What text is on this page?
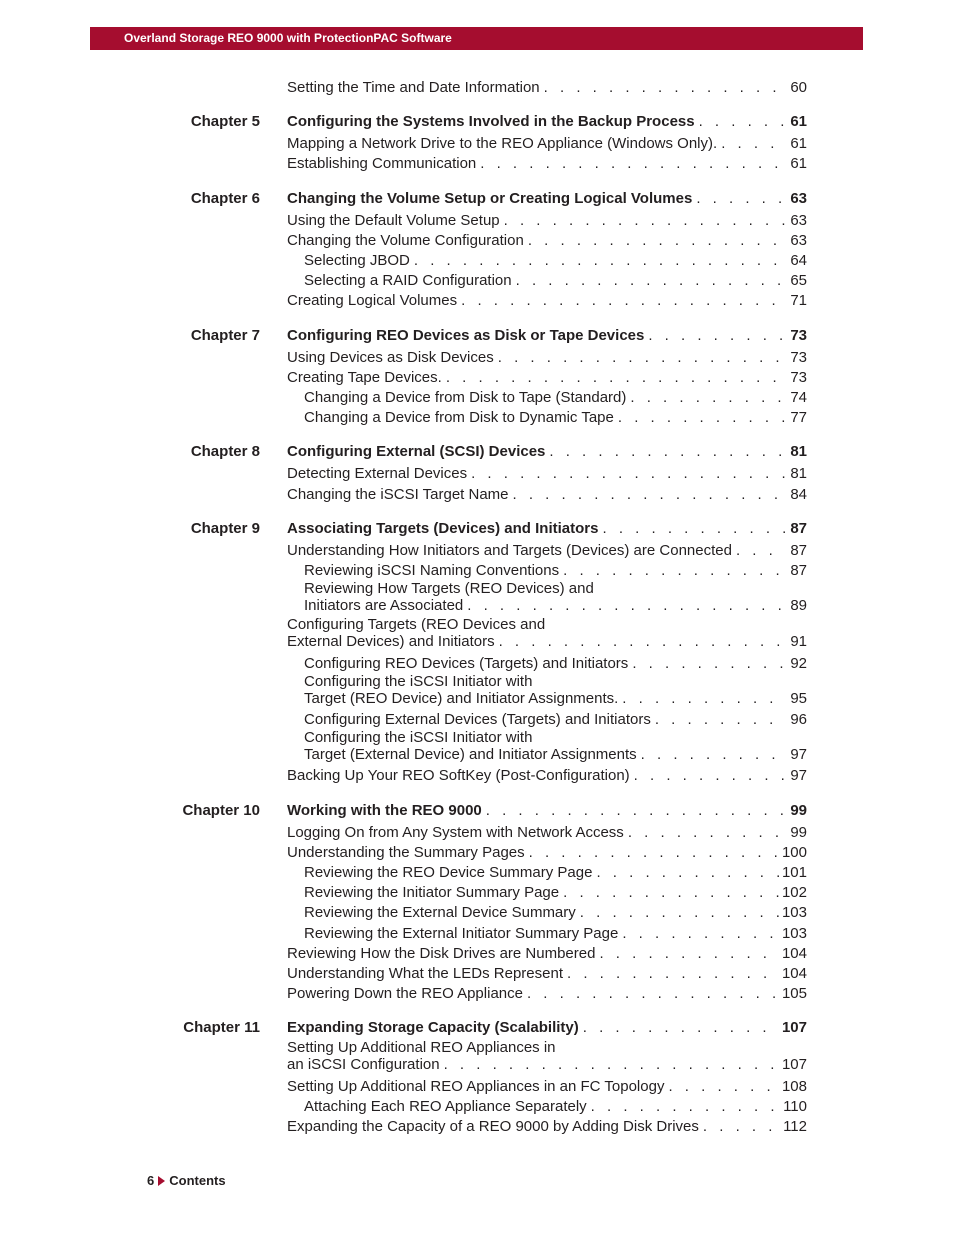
Overland Storage REO 9000 with ProtectionPAC Software
Setting the Time and Date Information . . .	60
Chapter 5 Configuring the Systems Involved in the Backup Process . . .	61
Mapping a Network Drive to the REO Appliance (Windows Only). . . .	61
Establishing Communication . . .	61
Chapter 6 Changing the Volume Setup or Creating Logical Volumes . . .	63
Using the Default Volume Setup . . .	63
Changing the Volume Configuration . . .	63
Selecting JBOD . . .	64
Selecting a RAID Configuration . . .	65
Creating Logical Volumes . . .	71
Chapter 7 Configuring REO Devices as Disk or Tape Devices . . .	73
Using Devices as Disk Devices . . .	73
Creating Tape Devices. . . .	73
Changing a Device from Disk to Tape (Standard) . . .	74
Changing a Device from Disk to Dynamic Tape . . .	77
Chapter 8 Configuring External (SCSI) Devices . . .	81
Detecting External Devices . . .	81
Changing the iSCSI Target Name . . .	84
Chapter 9 Associating Targets (Devices) and Initiators . . .	87
Understanding How Initiators and Targets (Devices) are Connected . . .	87
Reviewing iSCSI Naming Conventions . . .	87
Reviewing How Targets (REO Devices) and
Initiators are Associated . . .	89
Configuring Targets (REO Devices and
External Devices) and Initiators . . .	91
Configuring REO Devices (Targets) and Initiators . . .	92
Configuring the iSCSI Initiator with
Target (REO Device) and Initiator Assignments. . . .	95
Configuring External Devices (Targets) and Initiators . . .	96
Configuring the iSCSI Initiator with
Target (External Device) and Initiator Assignments . . .	97
Backing Up Your REO SoftKey (Post-Configuration) . . .	97
Chapter 10 Working with the REO 9000 . . .	99
Logging On from Any System with Network Access . . .	99
Understanding the Summary Pages . . .	100
Reviewing the REO Device Summary Page . . .	101
Reviewing the Initiator Summary Page . . .	102
Reviewing the External Device Summary . . .	103
Reviewing the External Initiator Summary Page . . .	103
Reviewing How the Disk Drives are Numbered . . .	104
Understanding What the LEDs Represent . . .	104
Powering Down the REO Appliance . . .	105
Chapter 11 Expanding Storage Capacity (Scalability) . . .	107
Setting Up Additional REO Appliances in
an iSCSI Configuration . . .	107
Setting Up Additional REO Appliances in an FC Topology . . .	108
Attaching Each REO Appliance Separately . . .	110
Expanding the Capacity of a REO 9000 by Adding Disk Drives . . .	112
6 Contents
